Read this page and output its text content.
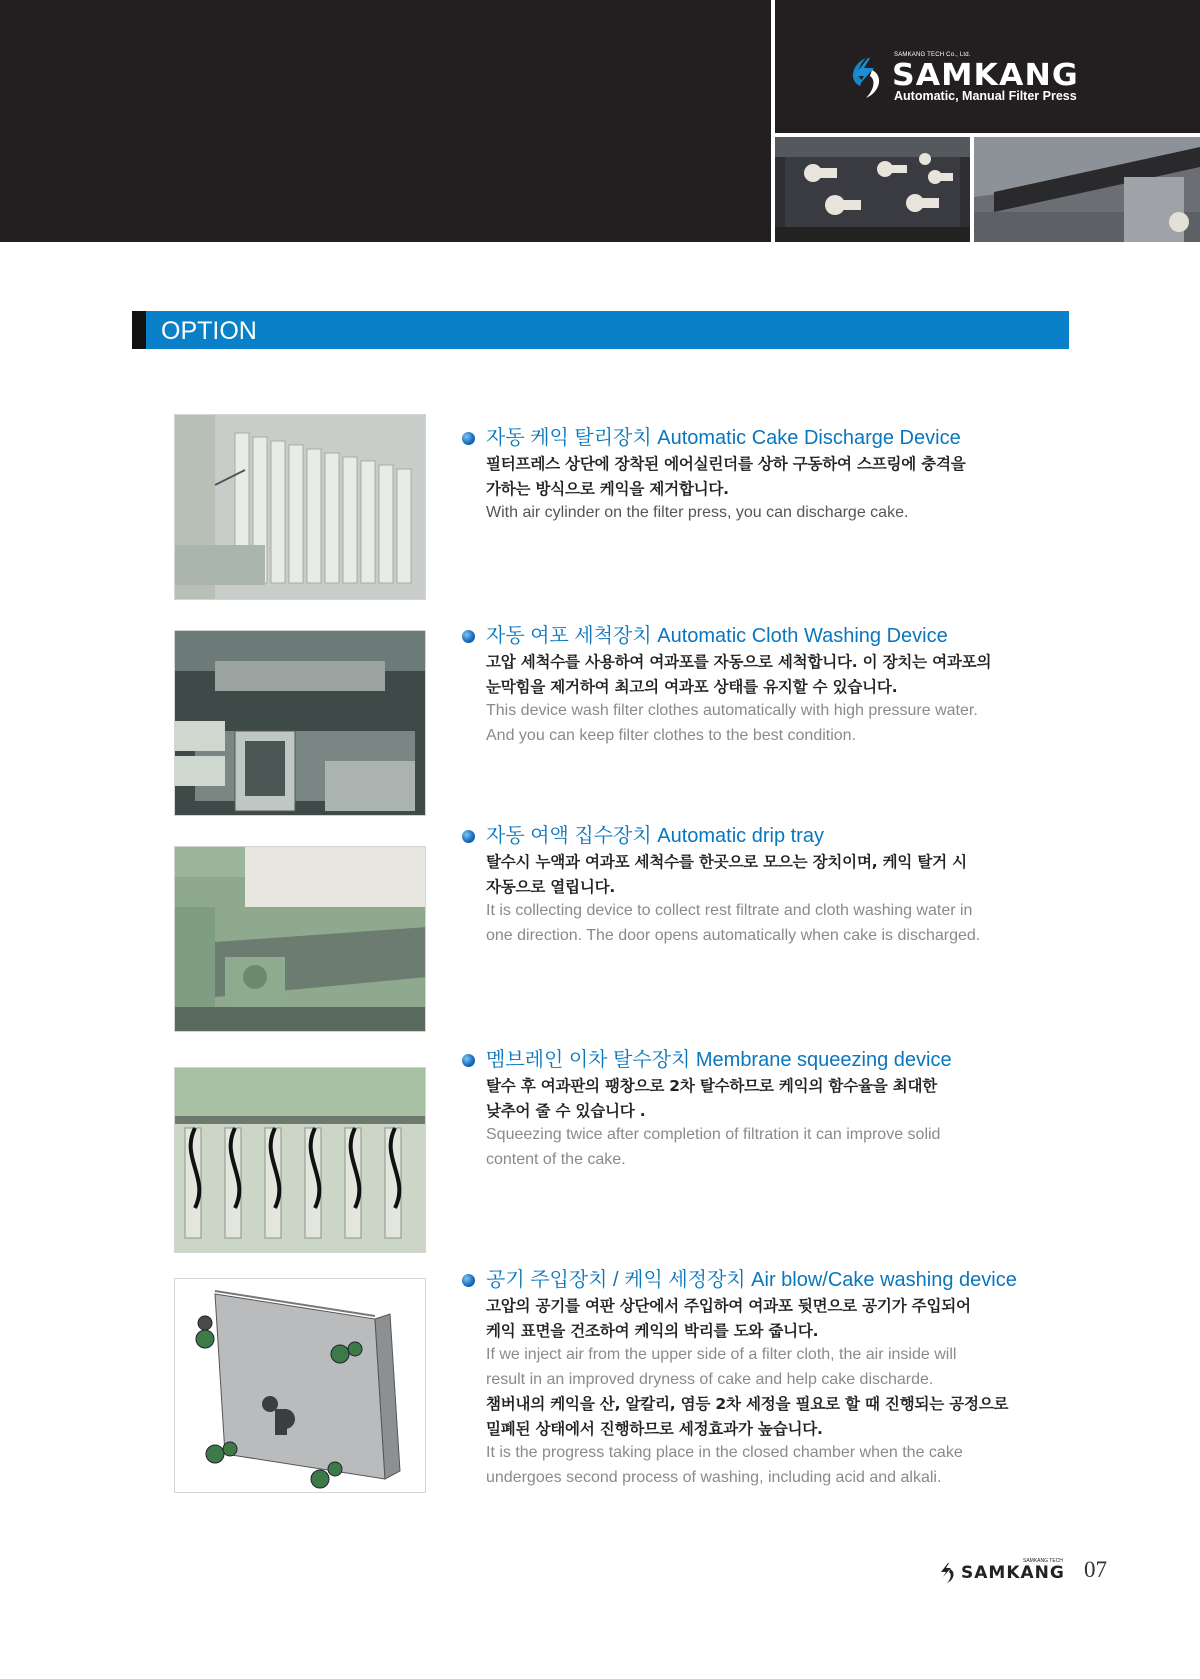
SAMKANG TECH Co., Ltd.
SAMKANG
Automatic, Manual Filter Press
OPTION
자동 케익 탈리장치 Automatic Cake Discharge Device
필터프레스 상단에 장착된 에어실린더를 상하 구동하여 스프링에 충격을
가하는 방식으로 케익을 제거합니다.
With air cylinder on the filter press, you can discharge cake.
자동 여포 세척장치 Automatic Cloth Washing Device
고압 세척수를 사용하여 여과포를 자동으로 세척합니다. 이 장치는 여과포의
눈막힘을 제거하여 최고의 여과포 상태를 유지할 수 있습니다.
This device wash filter clothes automatically with high pressure water.
And you can keep filter clothes to the best condition.
자동 여액 집수장치 Automatic drip tray
탈수시 누액과 여과포 세척수를 한곳으로 모으는 장치이며, 케익 탈거 시
자동으로 열립니다.
It is collecting device to collect rest filtrate and cloth washing water in
one direction. The door opens automatically when cake is discharged.
멤브레인 이차 탈수장치 Membrane squeezing device
탈수 후 여과판의 팽창으로 2차 탈수하므로 케익의 함수율을 최대한
낮추어 줄 수 있습니다 .
Squeezing twice after completion of filtration it can improve solid
content of the cake.
공기 주입장치 / 케익 세정장치 Air blow/Cake washing device
고압의 공기를 여판 상단에서 주입하여 여과포 뒷면으로 공기가 주입되어
케익 표면을 건조하여 케익의 박리를 도와 줍니다.
If we inject air from the upper side of a filter cloth, the air inside will
result in an improved dryness of cake and help cake discharde.
챔버내의 케익을 산, 알칼리, 염등 2차 세정을 필요로 할 때 진행되는 공정으로
밀폐된 상태에서 진행하므로 세정효과가 높습니다.
It is the progress taking place in the closed chamber when the cake
undergoes second process of washing, including acid and alkali.
SAMKANG TECH
SAMKANG 07
